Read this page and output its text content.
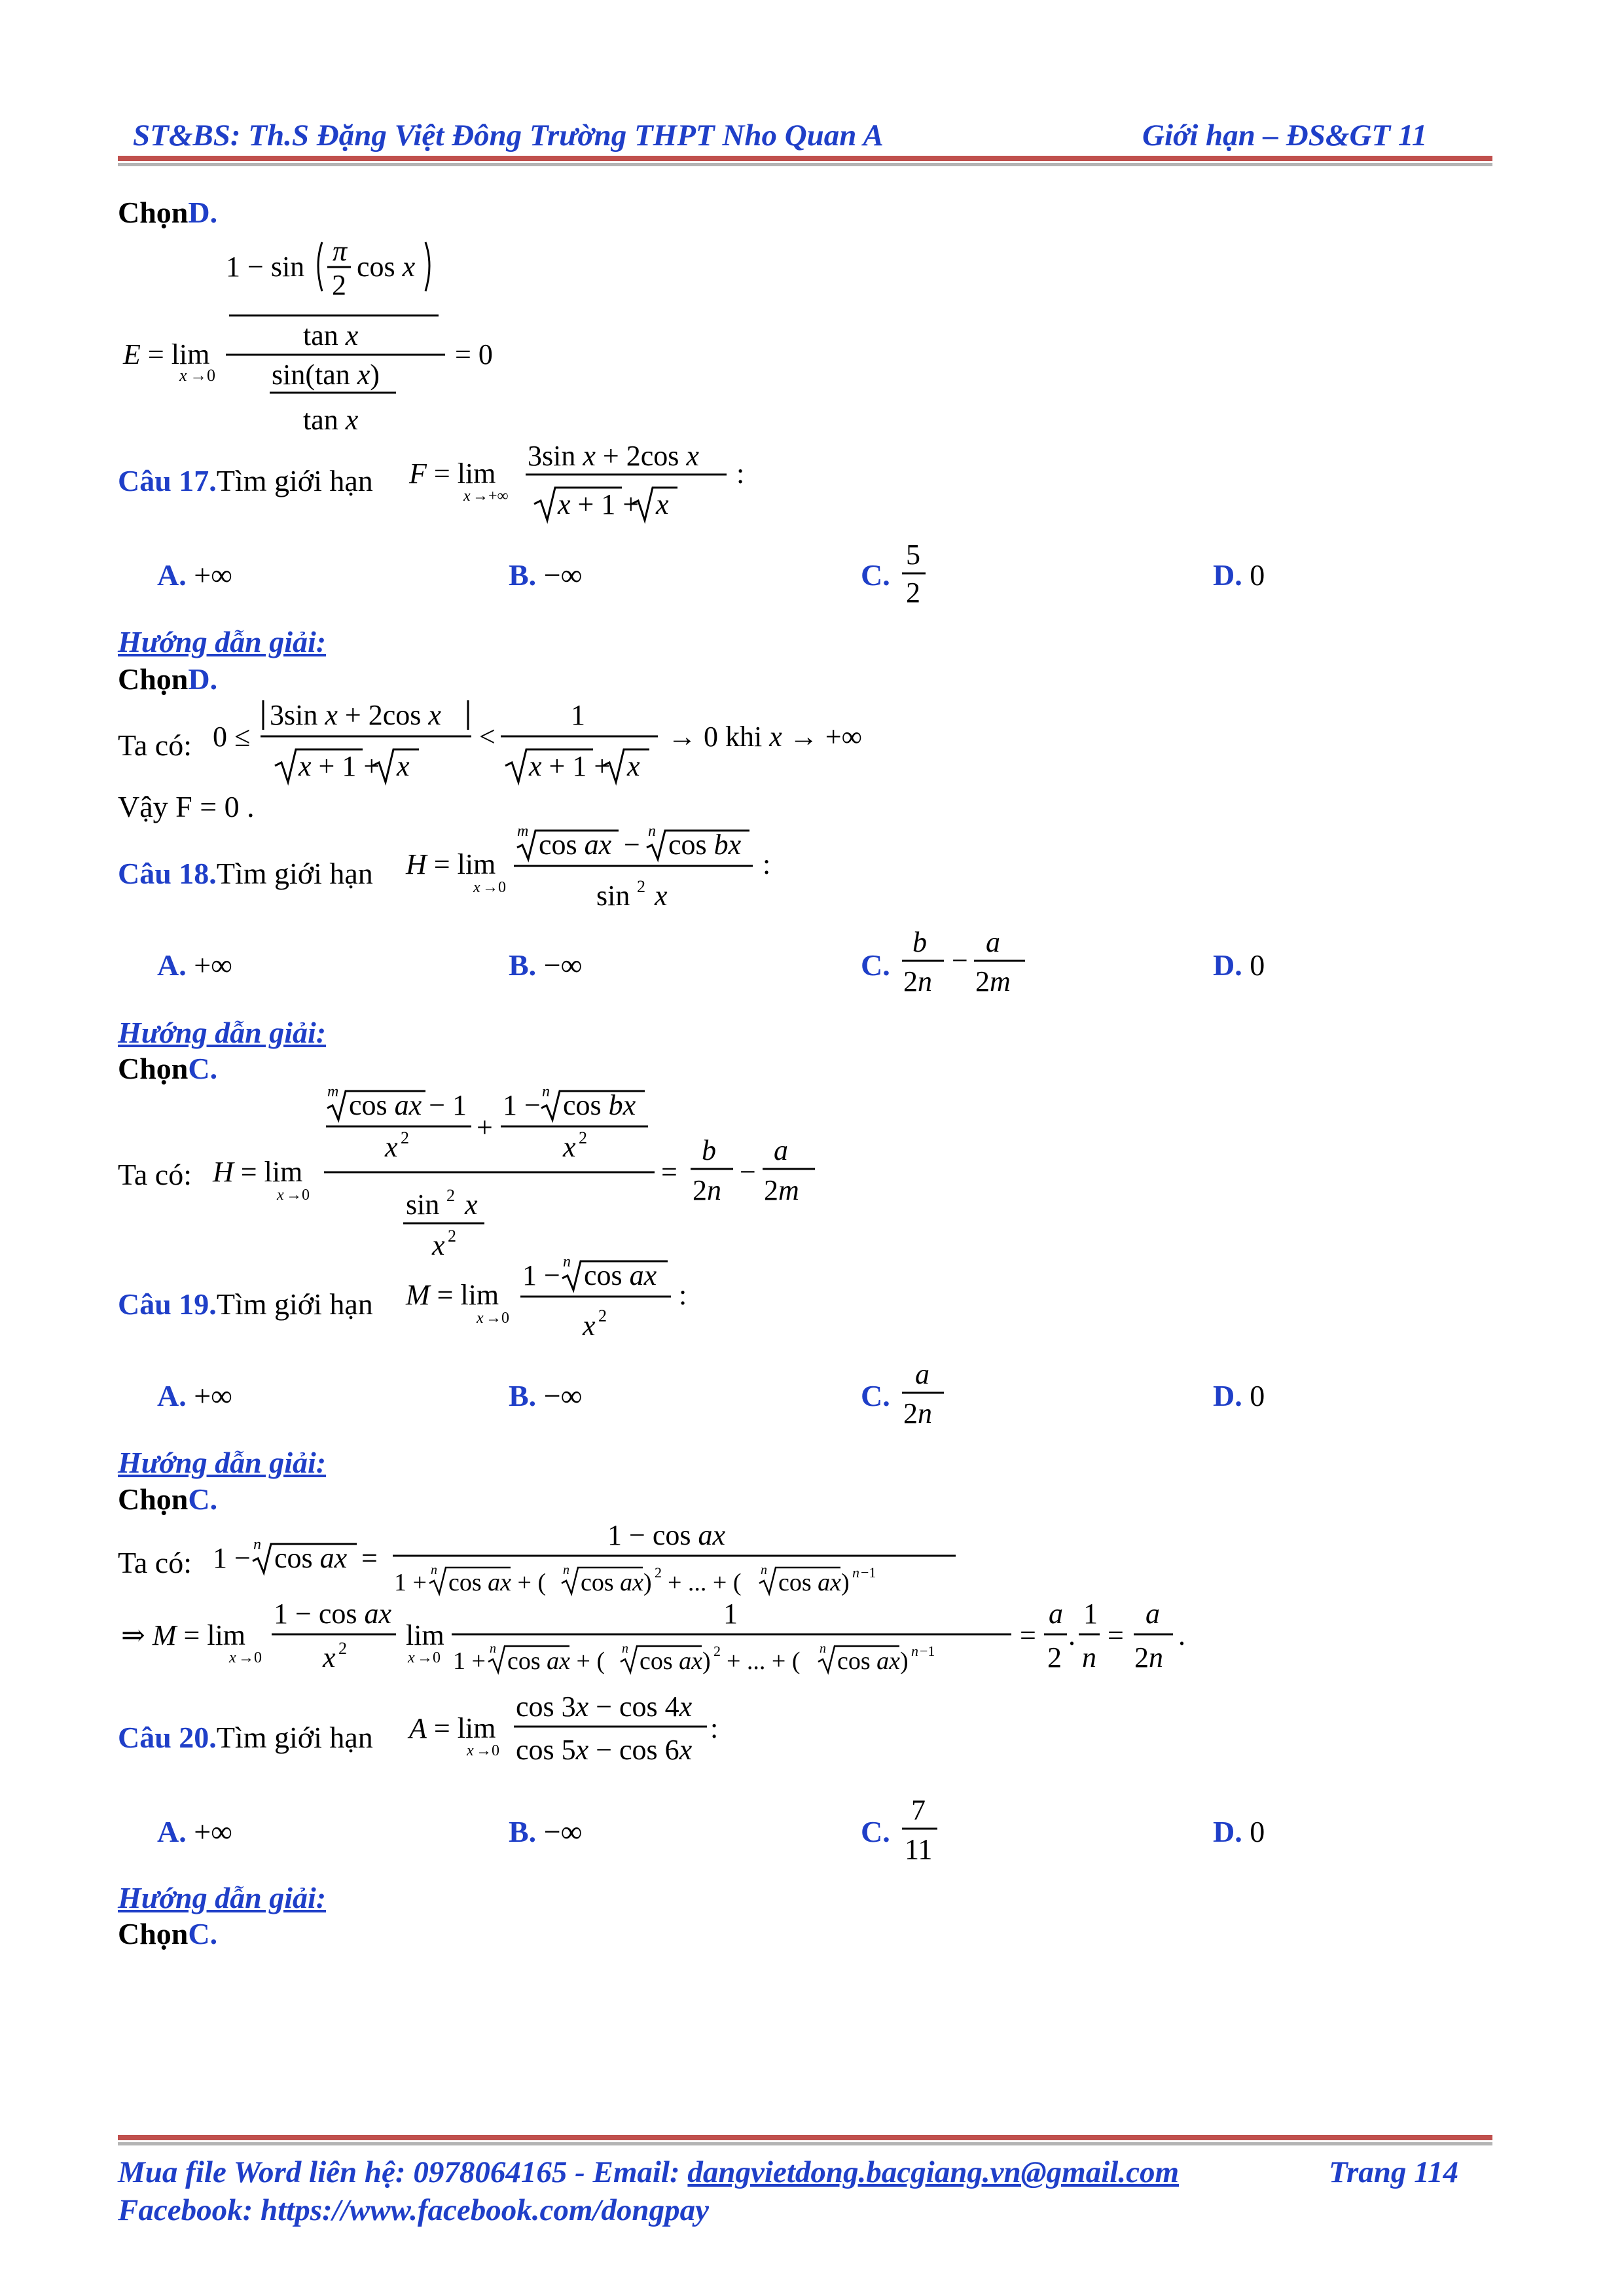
ST&BS: Th.S Đặng Việt Đông Trường THPT Nho Quan A	Giới hạn – ĐS&GT 11
ChọnD.
E = lim
x →0
1 − sin π
2
cos x
tan x
sin(tan x)
tan x
= 0
Câu 17.Tìm giới hạn F = lim
x →+∞
3sin x + 2cos x
x + 1 + x
:
A. +∞	B. −∞	C.
5
2
D. 0
Hướng dẫn giải:
ChọnD.
Ta có: 0 ≤
3sin x + 2cos x
x + 1 + x
<
1
x + 1 + x
→ 0 khi x → +∞
Vậy F = 0 .
Câu 18.Tìm giới hạn H = lim
x →0
m cos ax − n cos bx
sin 2 x
:
A. +∞	B. −∞	C.
b
2n
−
a
2m	D. 0
Hướng dẫn giải:
ChọnC.
Ta có: H = lim
x →0
m cos ax − 1
x 2 +
1 − n cos bx
x 2
sin 2 x
x 2
=
b
2n
−
a
2m
Câu 19.Tìm giới hạn M = lim
x →0
1 − n cos ax
x 2
:
A. +∞	B. −∞	C.
a
2n
D. 0
Hướng dẫn giải:
ChọnC.
Ta có: 1 − n cos ax =
1 − cos ax
1 + n cos ax + ( n cos ax) 2 + ... + ( n cos ax) n −1
⇒ M = lim
x →0
1 − cos ax
x 2 lim
x →0
1
1 + n cos ax + ( n cos ax) 2 + ... + ( n cos ax) n −1	=
a
2
.
1
n
=
a
2n
.
Câu 20.Tìm giới hạn A = lim
x →0
cos 3x − cos 4x
cos 5x − cos 6x
:
A. +∞	B. −∞	C.
7
11
D. 0
Hướng dẫn giải:
ChọnC.
Mua file Word liên hệ: 0978064165 - Email: dangvietdong.bacgiang.vn@gmail.com	Trang 114
Facebook: https://www.facebook.com/dongpay
